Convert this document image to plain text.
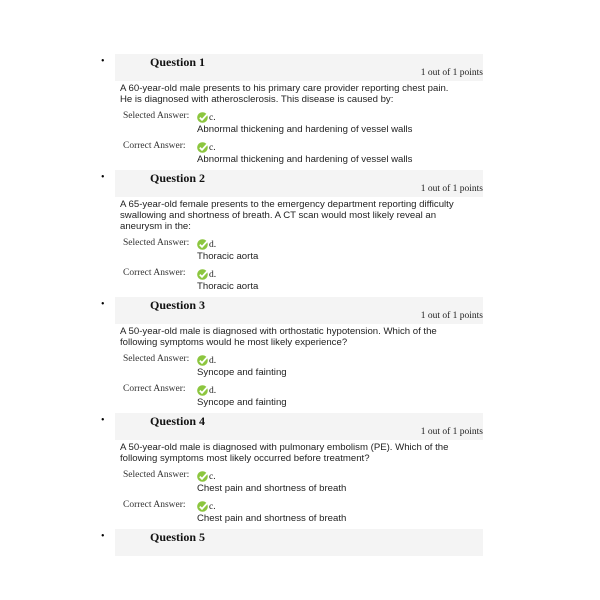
•	Question 1
1 out of 1 points
A 60-year-old male presents to his primary care provider reporting chest pain. He is diagnosed with atherosclerosis. This disease is caused by:
Selected Answer: c.
Abnormal thickening and hardening of vessel walls
Correct Answer: c.
Abnormal thickening and hardening of vessel walls
•	Question 2
1 out of 1 points
A 65-year-old female presents to the emergency department reporting difficulty swallowing and shortness of breath. A CT scan would most likely reveal an aneurysm in the:
Selected Answer: d.
Thoracic aorta
Correct Answer: d.
Thoracic aorta
•	Question 3
1 out of 1 points
A 50-year-old male is diagnosed with orthostatic hypotension. Which of the following symptoms would he most likely experience?
Selected Answer: d.
Syncope and fainting
Correct Answer: d.
Syncope and fainting
•	Question 4
1 out of 1 points
A 50-year-old male is diagnosed with pulmonary embolism (PE). Which of the following symptoms most likely occurred before treatment?
Selected Answer: c.
Chest pain and shortness of breath
Correct Answer: c.
Chest pain and shortness of breath
•	Question 5
